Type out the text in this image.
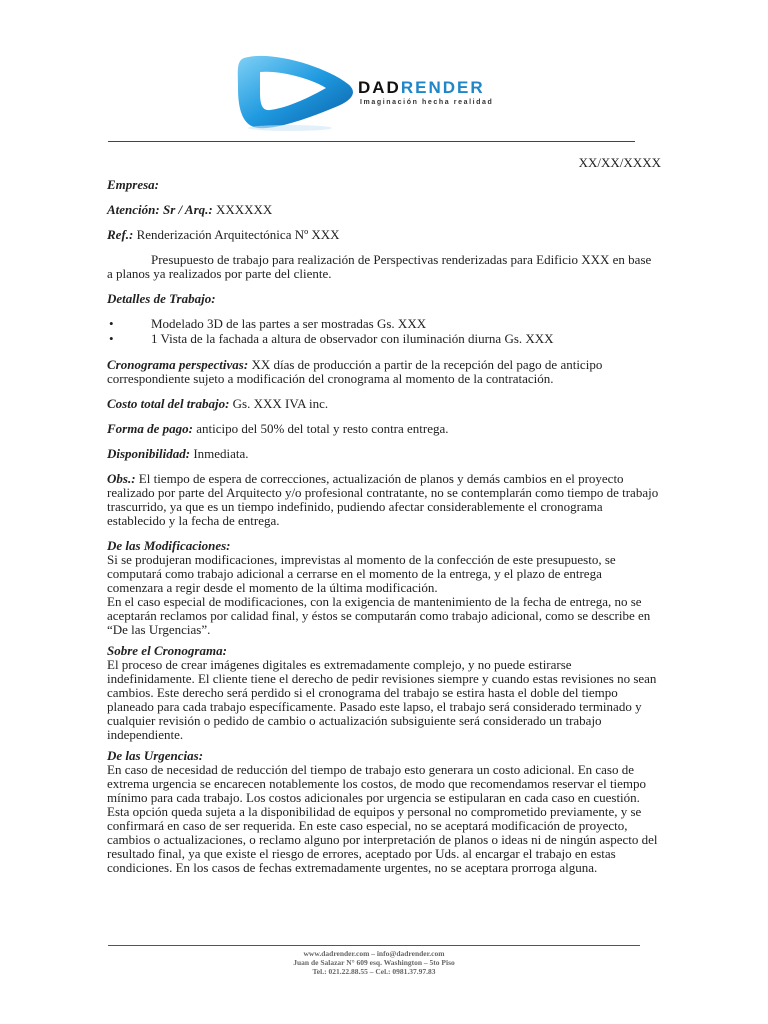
DADRENDER
Imaginación hecha realidad
XX/XX/XXXX

Empresa:

Atención: Sr / Arq.: XXXXXX

Ref.: Renderización Arquitectónica Nº XXX

Presupuesto de trabajo para realización de Perspectivas renderizadas para Edificio XXX en base a planos ya realizados por parte del cliente.

Detalles de Trabajo:

•	Modelado 3D de las partes a ser mostradas Gs. XXX
•	1 Vista de la fachada a altura de observador con iluminación diurna Gs. XXX

Cronograma perspectivas: XX días de producción a partir de la recepción del pago de anticipo correspondiente sujeto a modificación del cronograma al momento de la contratación.

Costo total del trabajo: Gs. XXX IVA inc.

Forma de pago: anticipo del 50% del total y resto contra entrega.

Disponibilidad: Inmediata.

Obs.: El tiempo de espera de correcciones, actualización de planos y demás cambios en el proyecto realizado por parte del Arquitecto y/o profesional contratante, no se contemplarán como tiempo de trabajo trascurrido, ya que es un tiempo indefinido, pudiendo afectar considerablemente el cronograma establecido y la fecha de entrega.

De las Modificaciones:

Si se produjeran modificaciones, imprevistas al momento de la confección de este presupuesto, se computará como trabajo adicional a cerrarse en el momento de la entrega, y el plazo de entrega comenzara a regir desde el momento de la última modificación.

En el caso especial de modificaciones, con la exigencia de mantenimiento de la fecha de entrega, no se aceptarán reclamos por calidad final, y éstos se computarán como trabajo adicional, como se describe en “De las Urgencias”.

Sobre el Cronograma:

El proceso de crear imágenes digitales es extremadamente complejo, y no puede estirarse indefinidamente. El cliente tiene el derecho de pedir revisiones siempre y cuando estas revisiones no sean cambios. Este derecho será perdido si el cronograma del trabajo se estira hasta el doble del tiempo planeado para cada trabajo específicamente. Pasado este lapso, el trabajo será considerado terminado y cualquier revisión o pedido de cambio o actualización subsiguiente será considerado un trabajo independiente.

De las Urgencias:

En caso de necesidad de reducción del tiempo de trabajo esto generara un costo adicional. En caso de extrema urgencia se encarecen notablemente los costos, de modo que recomendamos reservar el tiempo mínimo para cada trabajo. Los costos adicionales por urgencia se estipularan en cada caso en cuestión. Esta opción queda sujeta a la disponibilidad de equipos y personal no comprometido previamente, y se confirmará en caso de ser requerida. En este caso especial, no se aceptará modificación de proyecto, cambios o actualizaciones, o reclamo alguno por interpretación de planos o ideas ni de ningún aspecto del resultado final, ya que existe el riesgo de errores, aceptado por Uds. al encargar el trabajo en estas condiciones. En los casos de fechas extremadamente urgentes, no se aceptara prorroga alguna.

www.dadrender.com – info@dadrender.com
Juan de Salazar N° 609 esq. Washington – 5to Piso
Tel.: 021.22.88.55 – Cel.: 0981.37.97.83
